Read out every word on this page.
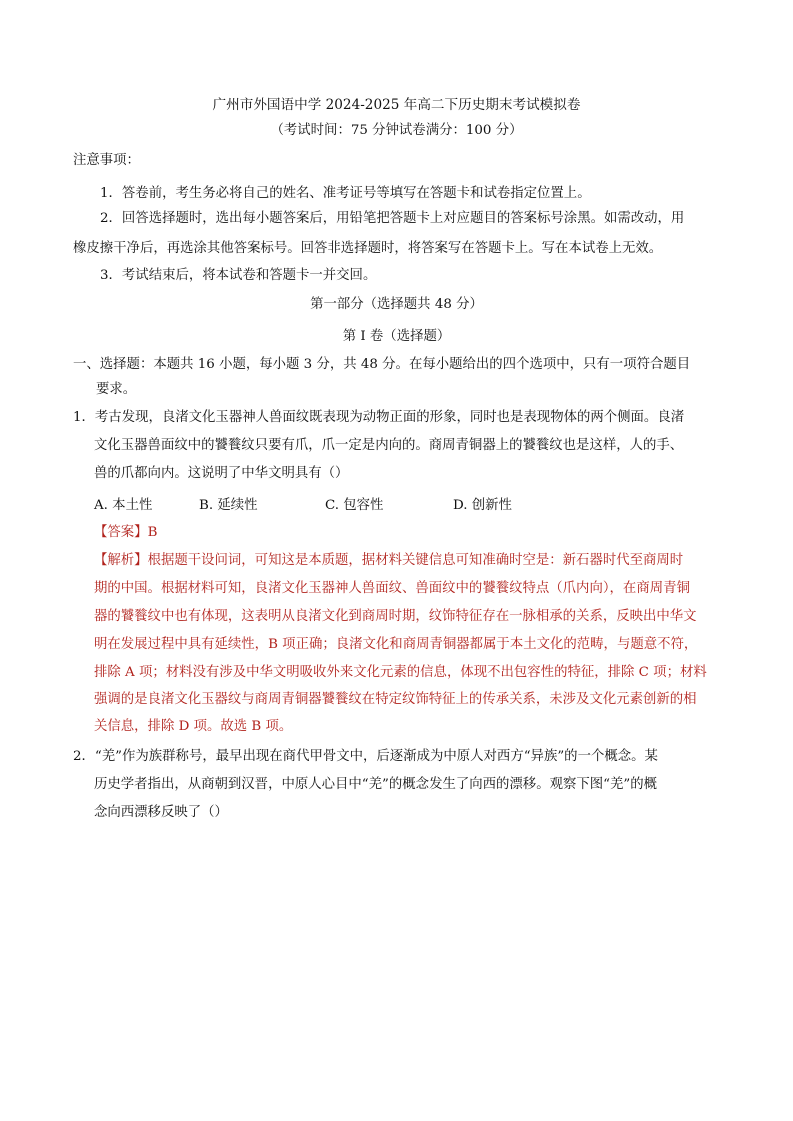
广州市外国语中学 2024-2025 年高二下历史期末考试模拟卷
（考试时间：75 分钟试卷满分：100 分）
注意事项：
1．答卷前，考生务必将自己的姓名、准考证号等填写在答题卡和试卷指定位置上。
2．回答选择题时，选出每小题答案后，用铅笔把答题卡上对应题目的答案标号涂黑。如需改动，用
橡皮擦干净后，再选涂其他答案标号。回答非选择题时，将答案写在答题卡上。写在本试卷上无效。
3．考试结束后，将本试卷和答题卡一并交回。
第一部分（选择题共 48 分）
第 I 卷（选择题）
一、选择题：本题共 16 小题，每小题 3 分，共 48 分。在每小题给出的四个选项中，只有一项符合题目
要求。
1．考古发现，良渚文化玉器神人兽面纹既表现为动物正面的形象，同时也是表现物体的两个侧面。良渚
文化玉器兽面纹中的饕餮纹只要有爪，爪一定是内向的。商周青铜器上的饕餮纹也是这样，人的手、
兽的爪都向内。这说明了中华文明具有（）
A. 本土性	B. 延续性	C. 包容性	D. 创新性
【答案】B
【解析】根据题干设问词，可知这是本质题，据材料关键信息可知准确时空是：新石器时代至商周时
期的中国。根据材料可知，良渚文化玉器神人兽面纹、兽面纹中的饕餮纹特点（爪内向），在商周青铜
器的饕餮纹中也有体现，这表明从良渚文化到商周时期，纹饰特征存在一脉相承的关系，反映出中华文
明在发展过程中具有延续性，B 项正确；良渚文化和商周青铜器都属于本土文化的范畴，与题意不符，
排除 A 项；材料没有涉及中华文明吸收外来文化元素的信息，体现不出包容性的特征，排除 C 项；材料
强调的是良渚文化玉器纹与商周青铜器饕餮纹在特定纹饰特征上的传承关系，未涉及文化元素创新的相
关信息，排除 D 项。故选 B 项。
2．“羌”作为族群称号，最早出现在商代甲骨文中，后逐渐成为中原人对西方“异族”的一个概念。某
历史学者指出，从商朝到汉晋，中原人心目中“羌”的概念发生了向西的漂移。观察下图“羌”的概
念向西漂移反映了（）
